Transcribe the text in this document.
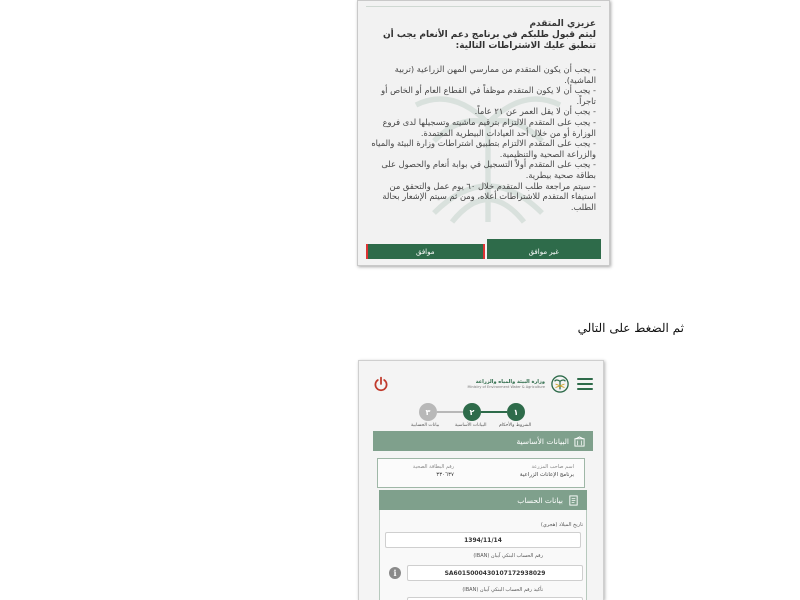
عزيزي المتقدم
ليتم قبول طلبكم في برنامج دعم الأنعام يجب أن تنطبق عليك الاشتراطات التالية:
- يجب أن يكون المتقدم من ممارسي المهن الزراعية (تربية الماشية).
- يجب أن لا يكون المتقدم موظفاً في القطاع العام أو الخاص أو تاجراً.
- يجب أن لا يقل العمر عن ٢١ عاماً.
- يجب على المتقدم الالتزام بترقيم ماشيته وتسجيلها لدى فروع الوزارة أو من خلال أحد العيادات البيطرية المعتمدة.
- يجب على المتقدم الالتزام بتطبيق اشتراطات وزارة البيئة والمياه والزراعة الصحية والتنظيمية.
- يجب على المتقدم أولاً التسجيل في بوابة أنعام والحصول على بطاقة صحية بيطرية.
- سيتم مراجعة طلب المتقدم خلال ٦٠ يوم عمل والتحقق من استيفاء المتقدم للاشتراطات أعلاه، ومن ثم سيتم الإشعار بحالة الطلب.
موافق	غير موافق
ثم الضغط على التالي
وزارة البيئة والمياه والزراعة
Ministry of Environment Water & Agriculture
٣	٢	١
بيانات الحسابية	البيانات الأساسية	الشروط والأحكام
البيانات الأساسية
اسم صاحب المزرعة
برنامج الإعانات الزراعية
رقم البطاقة الصحية
٣٣٠٦٣٧
بيانات الحساب
تاريخ الميلاد (هجري)
1394/11/14
رقم الحساب البنكي آيبان (IBAN)
i	SA6015000430107172938029
تأكيد رقم الحساب البنكي آيبان (IBAN)
